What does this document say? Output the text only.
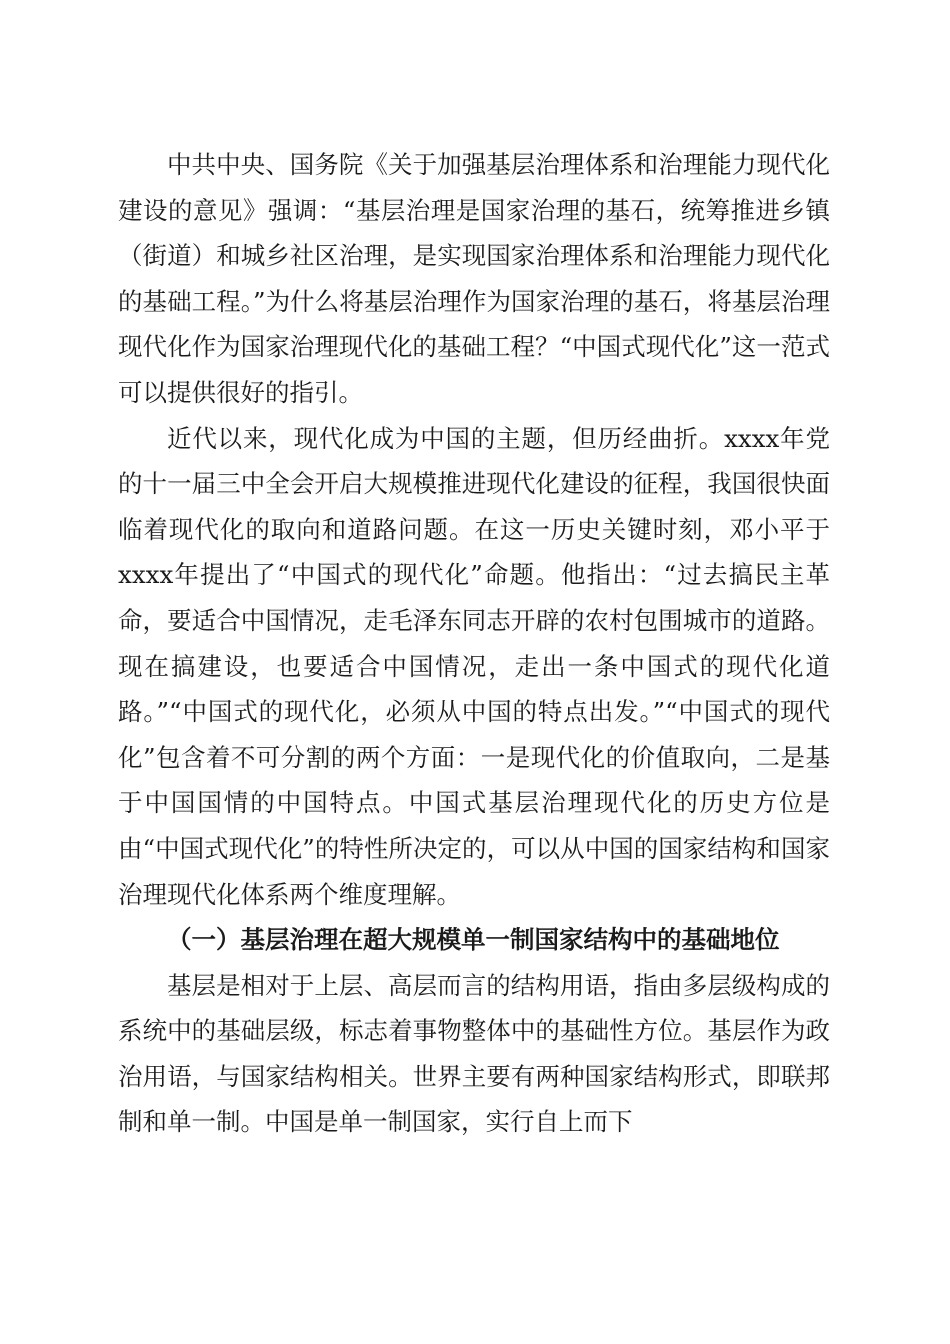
中共中央、国务院《关于加强基层治理体系和治理能力现代化建设的意见》强调：“基层治理是国家治理的基石，统筹推进乡镇（街道）和城乡社区治理，是实现国家治理体系和治理能力现代化的基础工程。”为什么将基层治理作为国家治理的基石，将基层治理现代化作为国家治理现代化的基础工程？“中国式现代化”这一范式可以提供很好的指引。

近代以来，现代化成为中国的主题，但历经曲折。xxxx年党的十一届三中全会开启大规模推进现代化建设的征程，我国很快面临着现代化的取向和道路问题。在这一历史关键时刻，邓小平于xxxx年提出了“中国式的现代化”命题。他指出：“过去搞民主革命，要适合中国情况，走毛泽东同志开辟的农村包围城市的道路。现在搞建设，也要适合中国情况，走出一条中国式的现代化道路。”“中国式的现代化，必须从中国的特点出发。”“中国式的现代化”包含着不可分割的两个方面：一是现代化的价值取向，二是基于中国国情的中国特点。中国式基层治理现代化的历史方位是由“中国式现代化”的特性所决定的，可以从中国的国家结构和国家治理现代化体系两个维度理解。

（一）基层治理在超大规模单一制国家结构中的基础地位

基层是相对于上层、高层而言的结构用语，指由多层级构成的系统中的基础层级，标志着事物整体中的基础性方位。基层作为政治用语，与国家结构相关。世界主要有两种国家结构形式，即联邦制和单一制。中国是单一制国家，实行自上而下
